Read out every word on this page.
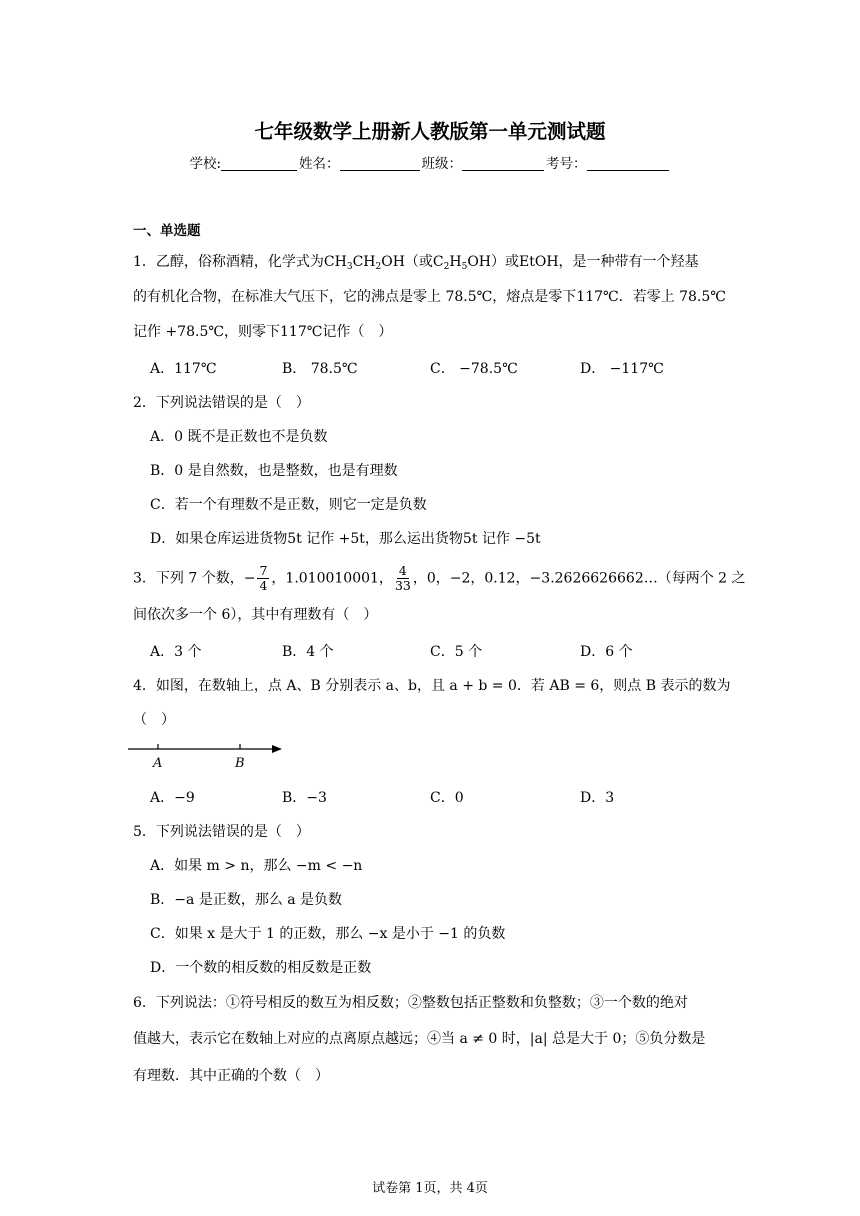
七年级数学上册新人教版第一单元测试题
学校:	姓名：	班级：	考号：
一、单选题
1．乙醇，俗称酒精，化学式为$CH_3CH_2OH$（或$C_2H_5OH$）或EtOH，是一种带有一个羟基
的有机化合物，在标准大气压下，它的沸点是零上 78.5℃，熔点是零下117℃．若零上 78.5℃
记作 +78.5℃，则零下117℃记作（　）
A．117℃	B． 78.5℃	C． −78.5℃	D． −117℃
2．下列说法错误的是（　）
A．0 既不是正数也不是负数
B．0 是自然数，也是整数，也是有理数
C．若一个有理数不是正数，则它一定是负数
D．如果仓库运进货物5t 记作 +5t，那么运出货物5t 记作 −5t
3．下列 7 个数，− $\frac{7}{4}$ ，1.010010001， $\frac{4}{33}$ ，0，−2，0.12，−3.2626626662…（每两个 2 之
间依次多一个 6），其中有理数有（　）
A．3 个	B．4 个	C．5 个	D．6 个
4．如图，在数轴上，点 A、B 分别表示 a、b，且 a + b = 0．若 AB = 6，则点 B 表示的数为
（　）
A	B
A．−9	B．−3	C．0	D．3
5．下列说法错误的是（　）
A．如果 m > n，那么 −m < −n
B．−a 是正数，那么 a 是负数
C．如果 x 是大于 1 的正数，那么 −x 是小于 −1 的负数
D．一个数的相反数的相反数是正数
6．下列说法：①符号相反的数互为相反数；②整数包括正整数和负整数；③一个数的绝对
值越大，表示它在数轴上对应的点离原点越远；④当 a ≠ 0 时，|a| 总是大于 0；⑤负分数是
有理数．其中正确的个数（　）
试卷第 1页，共 4页
